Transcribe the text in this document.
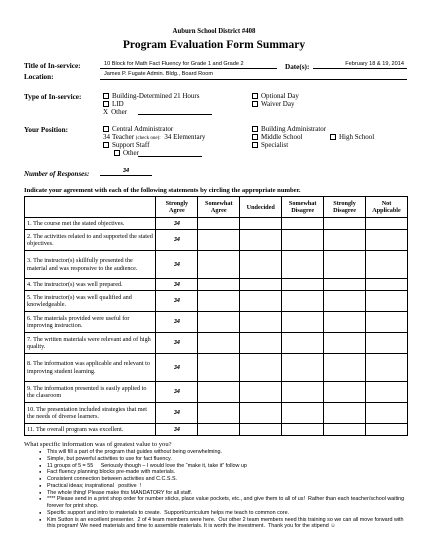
Auburn School District #408
Program Evaluation Form Summary
Title of In-service:	10 Block for Math Fact Fluency for Grade 1 and Grade 2	Date(s):	February 18 & 19, 2014
Location:	James P. Fugate Admin. Bldg., Board Room
Type of In-service:	Building-Determined 21 Hours
LID
X Other
Optional Day
Waiver Day
Your Position:	Central Administrator
34 Teacher (check one): 34 Elementary
Support Staff
Other
Building Administrator
Middle School	High School
Specialist
Number of Responses:	34
Indicate your agreement with each of the following statements by circling the appropriate number.
	Strongly Agree	Somewhat Agree	Undecided	Somewhat Disagree	Strongly Disagree	Not Applicable
1. The course met the stated objectives.	34					
2. The activities related to and supported the stated objectives.	34					
3. The instructor(s) skillfully presented the material and was responsive to the audience.	34					
4. The instructor(s) was well prepared.	34					
5. The instructor(s) was well qualified and knowledgeable.	34					
6. The materials provided were useful for improving instruction.	34					
7. The written materials were relevant and of high quality.	34					
8. The information was applicable and relevant to improving student learning.	34					
9. The information presented is easily applied to the classroom	34					
10. The presentation included strategies that met the needs of diverse learners.	34					
11. The overall program was excellent.	34					
What specific information was of greatest value to you?
● This will fill a part of the program that guides without being overwhelming.
● Simple, but powerful activities to use for fact fluency.
● 11 groups of 5 = 55     Seriously though – I would love the “make it, take it” follow up
● Fact fluency planning blocks pre-made with materials.
● Consistent connection between activities and C.C.S.S.
● Practical ideas; inspirational   positive  !
● The whole thing! Please make this MANDATORY for all staff.
● **** Please send in a print shop order for number sticks, place value pockets, etc., and give them to all of us!  Rather than each teacher/school waiting forever for print shop.
● Specific support and intro to materials to create.  Support/curriculum helps me teach to common core.
● Kim Sutton is an excellent presenter.  2 of 4 team members were here.  Our other 2 team members need this training so we can all move forward with this program! We need materials and time to assemble materials. It is worth the investment.  Thank you for the stipend ☺
